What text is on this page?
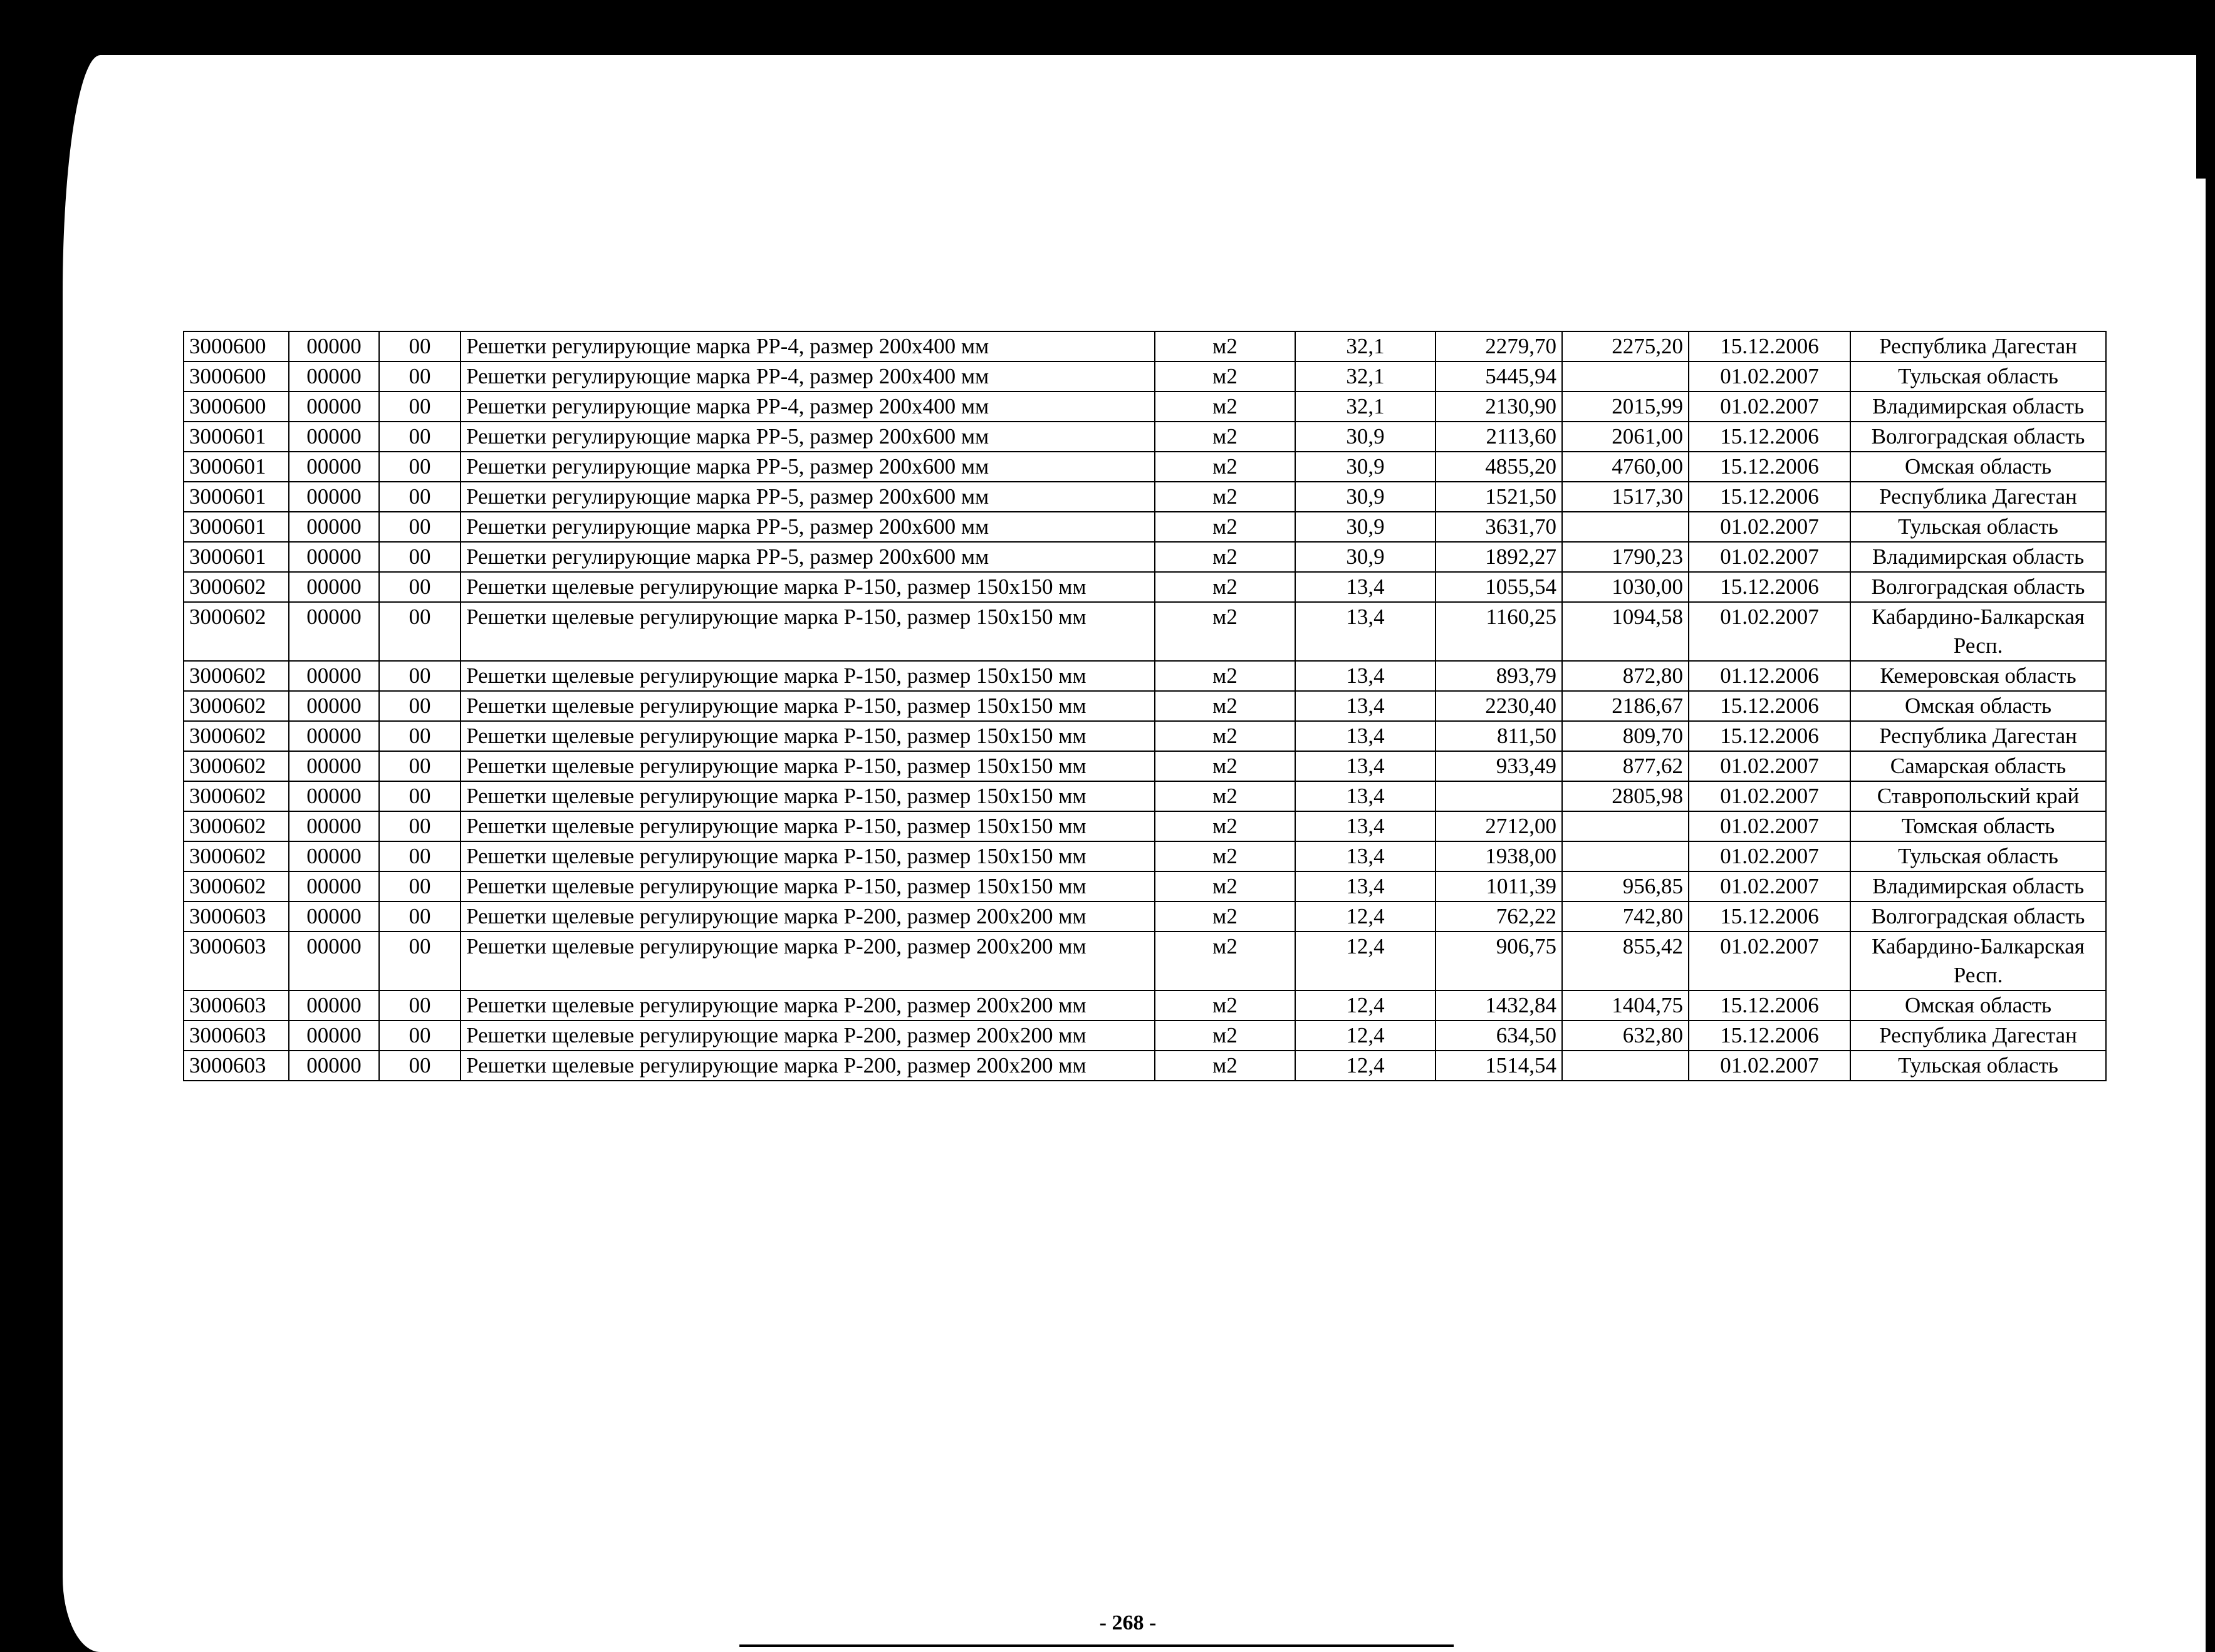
3000600	00000	00	Решетки регулирующие марка РР-4, размер 200х400 мм	м2	32,1	2279,70	2275,20	15.12.2006	Республика Дагестан
3000600	00000	00	Решетки регулирующие марка РР-4, размер 200х400 мм	м2	32,1	5445,94		01.02.2007	Тульская область
3000600	00000	00	Решетки регулирующие марка РР-4, размер 200х400 мм	м2	32,1	2130,90	2015,99	01.02.2007	Владимирская область
3000601	00000	00	Решетки регулирующие марка РР-5, размер 200х600 мм	м2	30,9	2113,60	2061,00	15.12.2006	Волгоградская область
3000601	00000	00	Решетки регулирующие марка РР-5, размер 200х600 мм	м2	30,9	4855,20	4760,00	15.12.2006	Омская область
3000601	00000	00	Решетки регулирующие марка РР-5, размер 200х600 мм	м2	30,9	1521,50	1517,30	15.12.2006	Республика Дагестан
3000601	00000	00	Решетки регулирующие марка РР-5, размер 200х600 мм	м2	30,9	3631,70		01.02.2007	Тульская область
3000601	00000	00	Решетки регулирующие марка РР-5, размер 200х600 мм	м2	30,9	1892,27	1790,23	01.02.2007	Владимирская область
3000602	00000	00	Решетки щелевые регулирующие марка Р-150, размер 150х150 мм	м2	13,4	1055,54	1030,00	15.12.2006	Волгоградская область
3000602	00000	00	Решетки щелевые регулирующие марка Р-150, размер 150х150 мм	м2	13,4	1160,25	1094,58	01.02.2007	Кабардино-Балкарская Респ.
3000602	00000	00	Решетки щелевые регулирующие марка Р-150, размер 150х150 мм	м2	13,4	893,79	872,80	01.12.2006	Кемеровская область
3000602	00000	00	Решетки щелевые регулирующие марка Р-150, размер 150х150 мм	м2	13,4	2230,40	2186,67	15.12.2006	Омская область
3000602	00000	00	Решетки щелевые регулирующие марка Р-150, размер 150х150 мм	м2	13,4	811,50	809,70	15.12.2006	Республика Дагестан
3000602	00000	00	Решетки щелевые регулирующие марка Р-150, размер 150х150 мм	м2	13,4	933,49	877,62	01.02.2007	Самарская область
3000602	00000	00	Решетки щелевые регулирующие марка Р-150, размер 150х150 мм	м2	13,4		2805,98	01.02.2007	Ставропольский край
3000602	00000	00	Решетки щелевые регулирующие марка Р-150, размер 150х150 мм	м2	13,4	2712,00		01.02.2007	Томская область
3000602	00000	00	Решетки щелевые регулирующие марка Р-150, размер 150х150 мм	м2	13,4	1938,00		01.02.2007	Тульская область
3000602	00000	00	Решетки щелевые регулирующие марка Р-150, размер 150х150 мм	м2	13,4	1011,39	956,85	01.02.2007	Владимирская область
3000603	00000	00	Решетки щелевые регулирующие марка Р-200, размер 200х200 мм	м2	12,4	762,22	742,80	15.12.2006	Волгоградская область
3000603	00000	00	Решетки щелевые регулирующие марка Р-200, размер 200х200 мм	м2	12,4	906,75	855,42	01.02.2007	Кабардино-Балкарская Респ.
3000603	00000	00	Решетки щелевые регулирующие марка Р-200, размер 200х200 мм	м2	12,4	1432,84	1404,75	15.12.2006	Омская область
3000603	00000	00	Решетки щелевые регулирующие марка Р-200, размер 200х200 мм	м2	12,4	634,50	632,80	15.12.2006	Республика Дагестан
3000603	00000	00	Решетки щелевые регулирующие марка Р-200, размер 200х200 мм	м2	12,4	1514,54		01.02.2007	Тульская область
- 268 -
